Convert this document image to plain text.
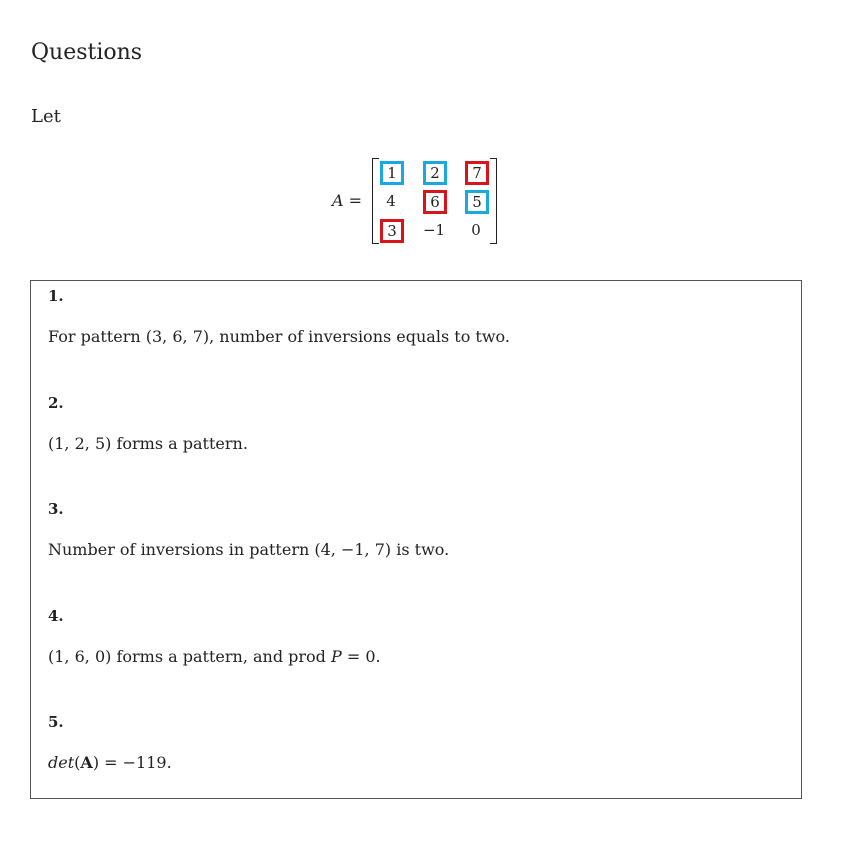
Questions
Let
A =
1	2	7
4	6	5
3	−1	0
1.
For pattern (3, 6, 7), number of inversions equals to two.
2.
(1, 2, 5) forms a pattern.
3.
Number of inversions in pattern (4, −1, 7) is two.
4.
(1, 6, 0) forms a pattern, and prod P = 0.
5.
det(A) = −119.
